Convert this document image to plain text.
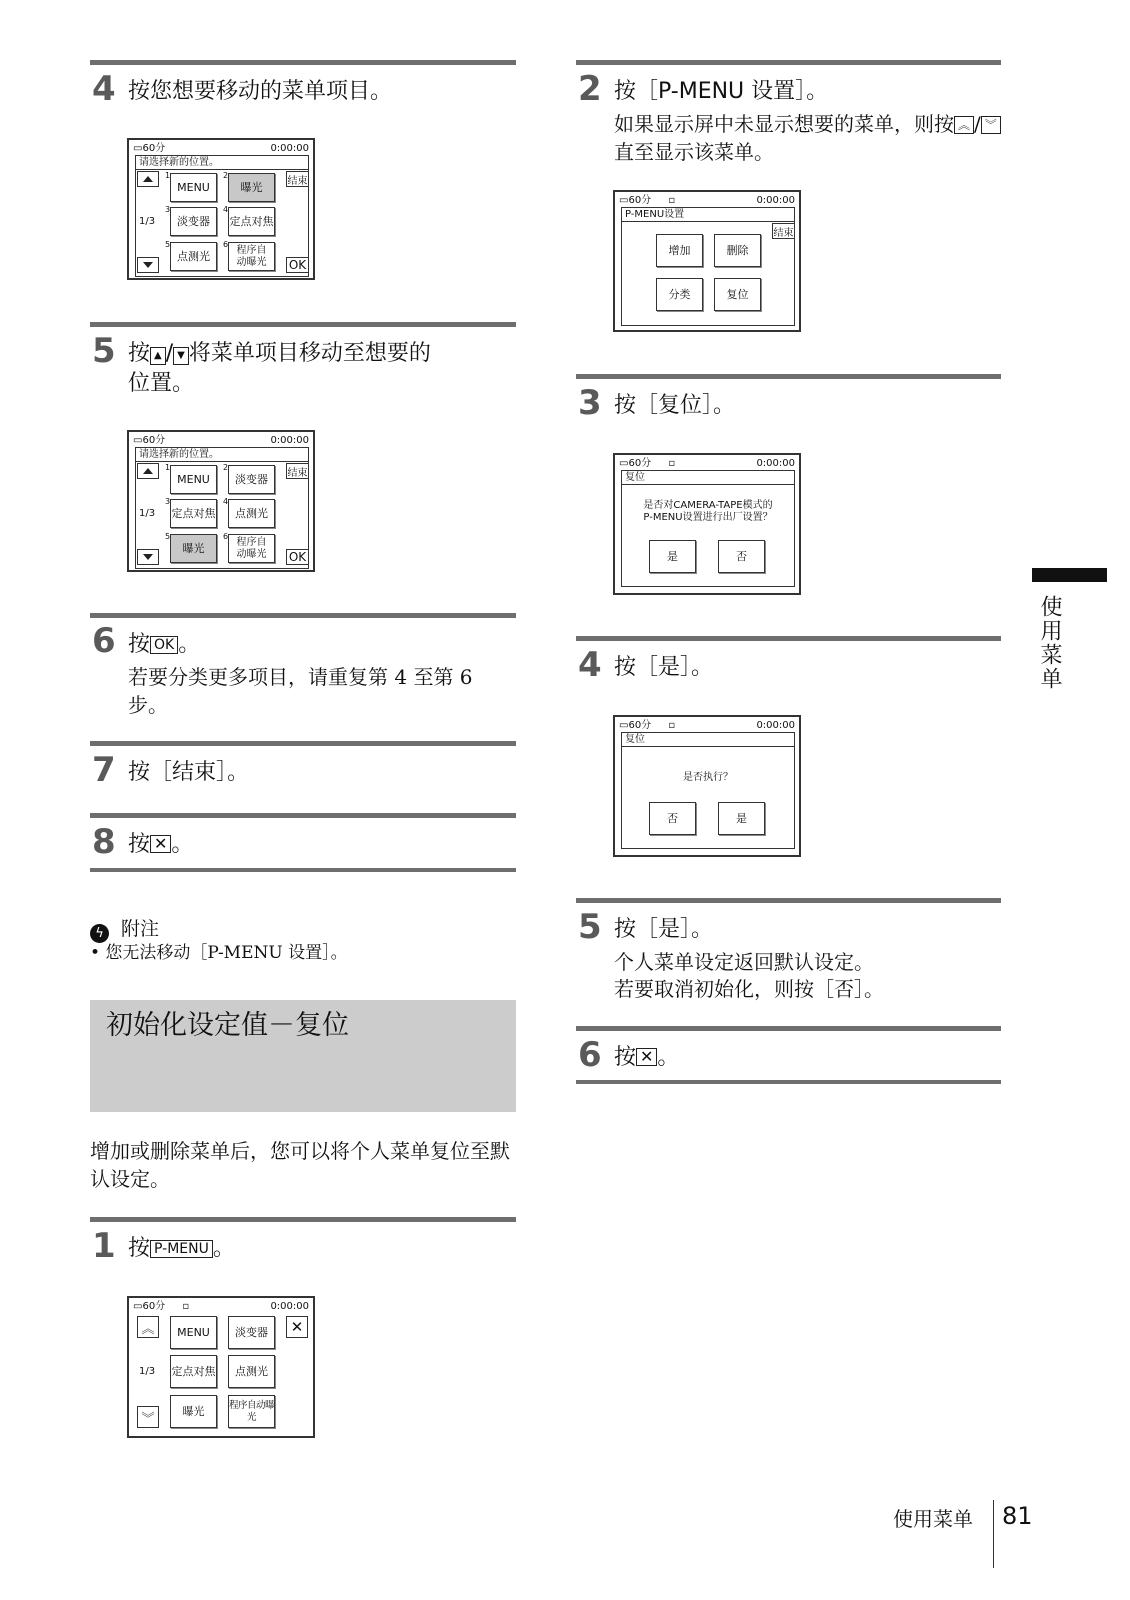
4 按您想要移动的菜单项目。
▭60分	0:00:00
请选择新的位置。
1/3
结束
OK
1	2
3	4
5	6
MENU	曝光
淡变器	定点对焦
点测光	程序自动曝光
5 按 ▲ / ▼ 将菜单项目移动至想要的
位置。
▭60分	0:00:00
请选择新的位置。
1/3
结束
OK
1	2
3	4
5	6
MENU	淡变器
定点对焦	点测光
曝光	程序自动曝光
6 按 OK 。
若要分类更多项目，请重复第 4 至第 6 步。
7 按［结束］。
8 按 ✕ 。
ϟ 附注
• 您无法移动［P-MENU 设置］。
初始化设定值－复位
增加或删除菜单后，您可以将个人菜单复位至默认设定。
1 按 P-MENU 。
▭60分 ▫	0:00:00
︽
︾
1/3
✕
MENU	淡变器
定点对焦	点测光
曝光	程序自动曝光
2 按［P-MENU 设置］。
如果显示屏中未显示想要的菜单，则按 ︽ / ︾直至显示该菜单。
▭60分 ▫	0:00:00
P-MENU设置
结束
增加	删除
分类	复位
3 按［复位］。
▭60分 ▫	0:00:00
复位
是否对CAMERA-TAPE模式的
P-MENU设置进行出厂设置？
是	否
4 按［是］。
▭60分 ▫	0:00:00
复位
是否执行？
否	是
5 按［是］。
个人菜单设定返回默认设定。
若要取消初始化，则按［否］。
6 按 ✕ 。
使用菜单
使用菜单 81
